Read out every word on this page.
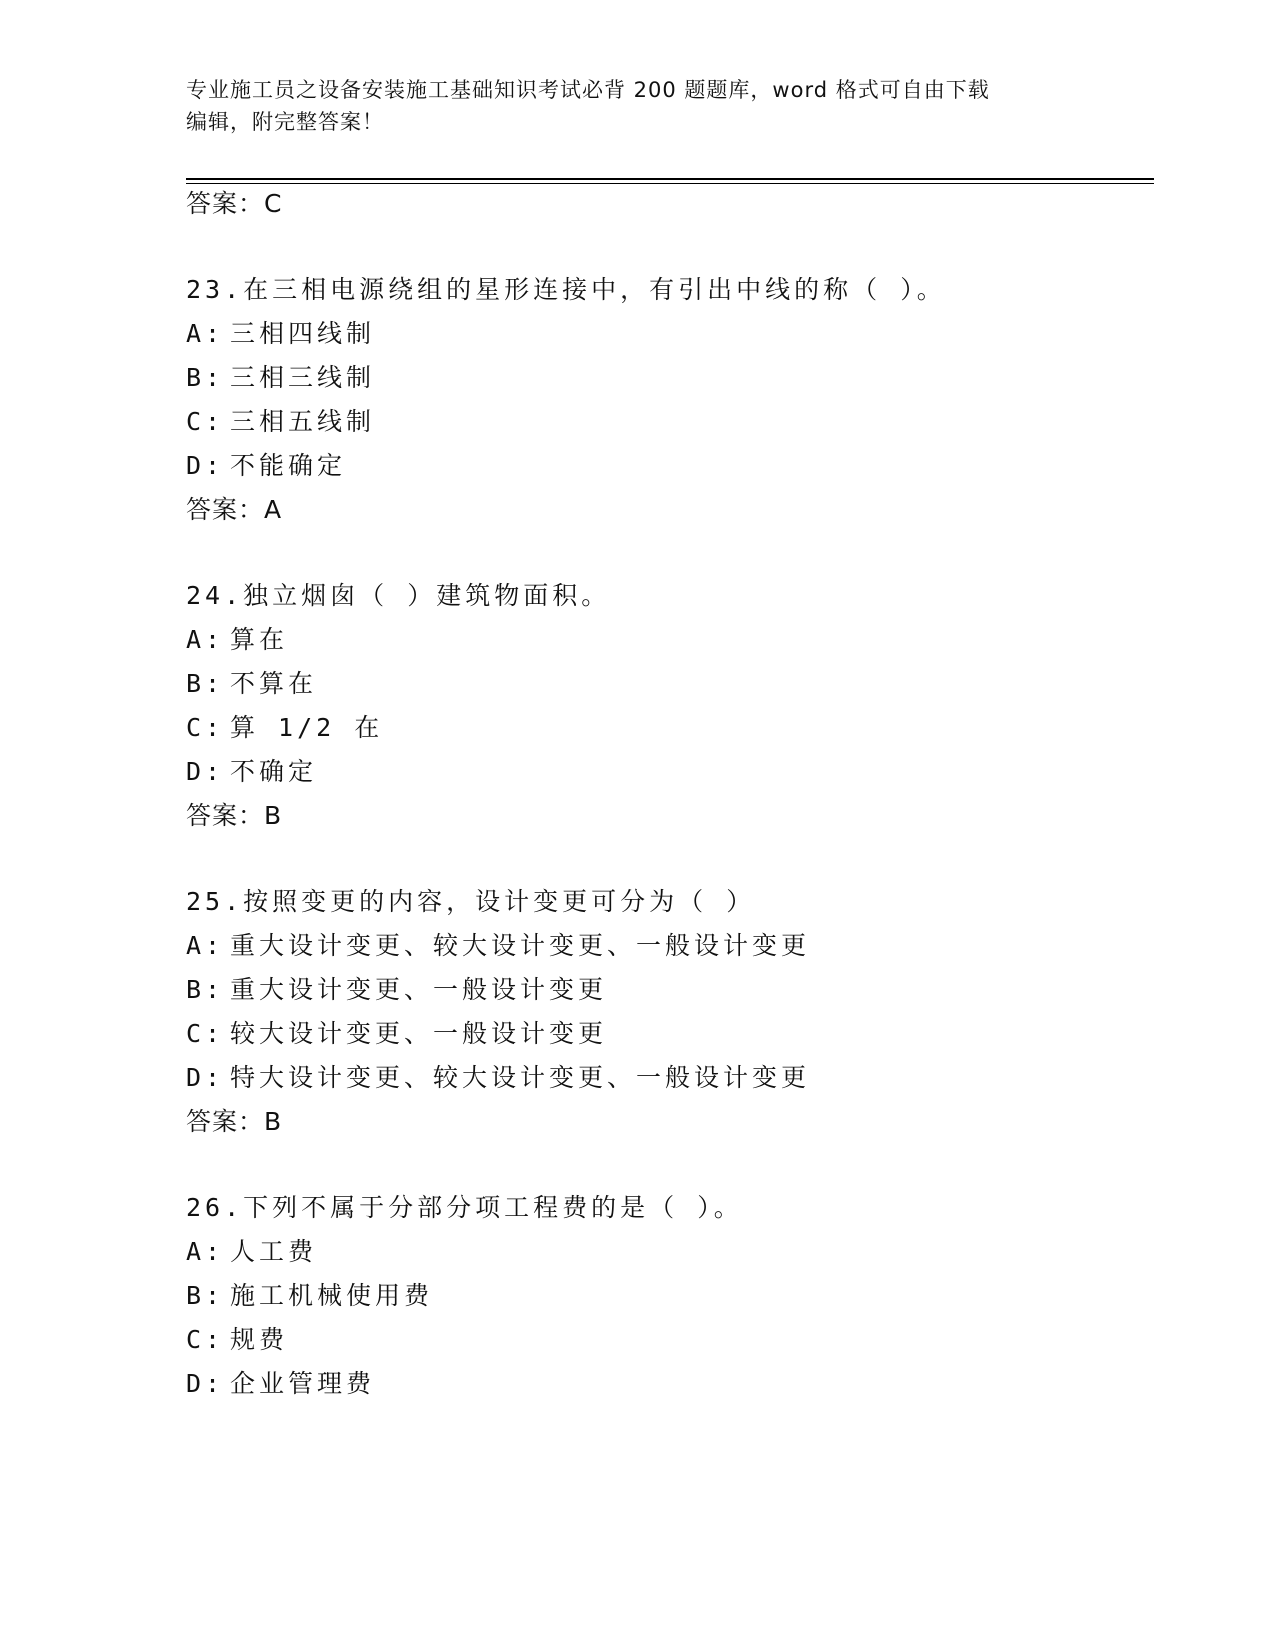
专业施工员之设备安装施工基础知识考试必背 200 题题库，word 格式可自由下载
编辑，附完整答案！
答案：C
23.在三相电源绕组的星形连接中，有引出中线的称（ ）。
A: 三相四线制
B: 三相三线制
C: 三相五线制
D: 不能确定
答案：A
24.独立烟囱（ ）建筑物面积。
A: 算在
B: 不算在
C: 算 1/2 在
D: 不确定
答案：B
25.按照变更的内容，设计变更可分为（ ）
A: 重大设计变更、较大设计变更、一般设计变更
B: 重大设计变更、一般设计变更
C: 较大设计变更、一般设计变更
D: 特大设计变更、较大设计变更、一般设计变更
答案：B
26.下列不属于分部分项工程费的是（ ）。
A: 人工费
B: 施工机械使用费
C: 规费
D: 企业管理费
